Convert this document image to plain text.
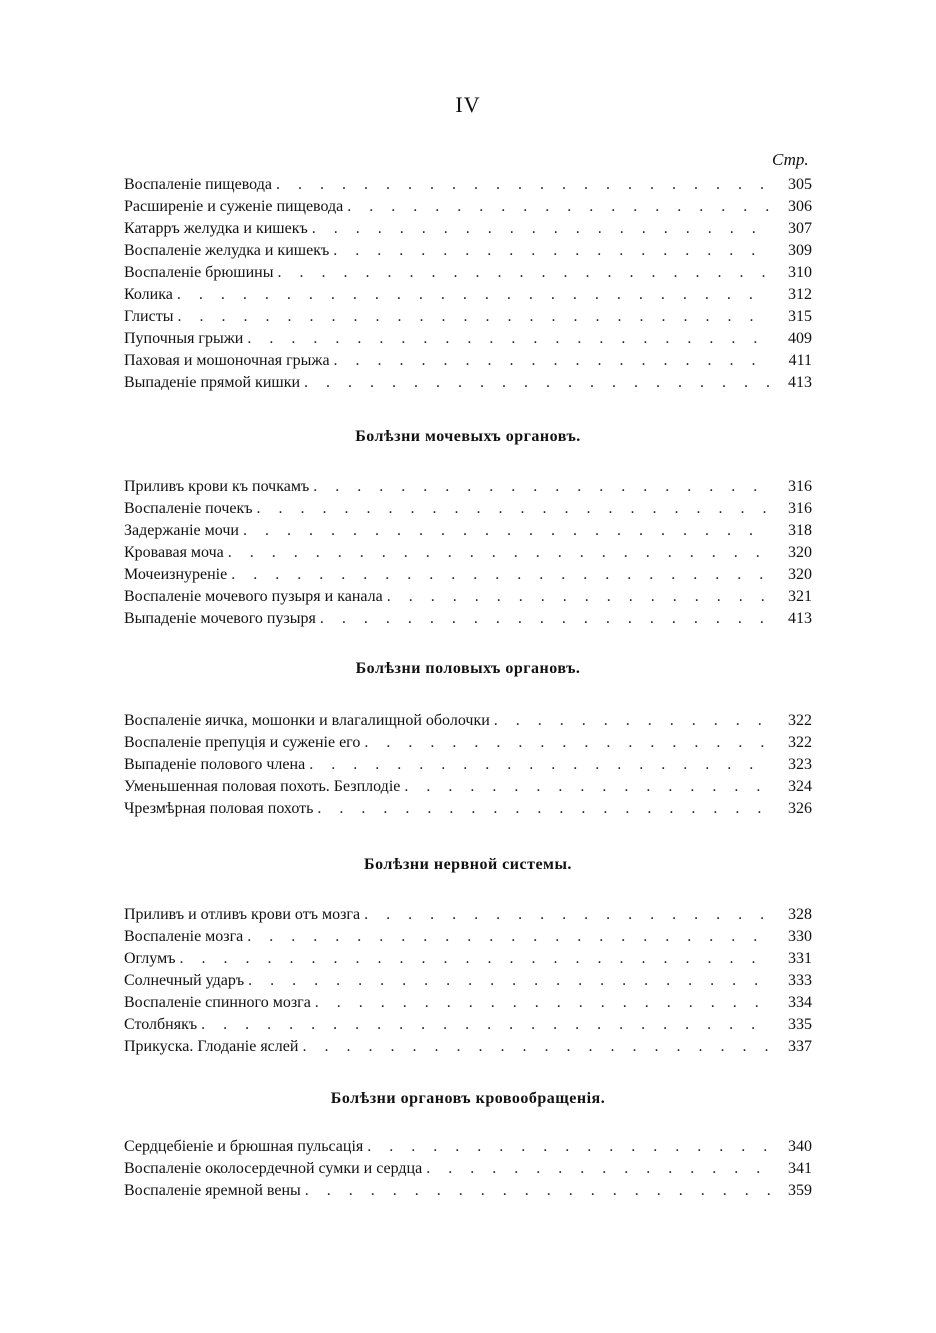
IV
Стр.
Воспаленіе пищевода . . .	305
Расширеніе и суженіе пищевода . . .	306
Катарръ желудка и кишекъ . . .	307
Воспаленіе желудка и кишекъ . . .	309
Воспаленіе брюшины . . .	310
Колика . . .	312
Глисты . . .	315
Пупочныя грыжи . . .	409
Паховая и мошоночная грыжа . . .	411
Выпаденіе прямой кишки . . .	413
Болѣзни мочевыхъ органовъ.
Приливъ крови къ почкамъ . . .	316
Воспаленіе почекъ . . .	316
Задержаніе мочи . . .	318
Кровавая моча . . .	320
Мочеизнуреніе . . .	320
Воспаленіе мочевого пузыря и канала . . .	321
Выпаденіе мочевого пузыря . . .	413
Болѣзни половыхъ органовъ.
Воспаленіе яичка, мошонки и влагалищной оболочки . . .	322
Воспаленіе препуція и суженіе его . . .	322
Выпаденіе полового члена . . .	323
Уменьшенная половая похоть. Безплодіе . . .	324
Чрезмѣрная половая похоть . . .	326
Болѣзни нервной системы.
Приливъ и отливъ крови отъ мозга . . .	328
Воспаленіе мозга . . .	330
Оглумъ . . .	331
Солнечный ударъ . . .	333
Воспаленіе спинного мозга . . .	334
Столбнякъ . . .	335
Прикуска. Глоданіе яслей . . .	337
Болѣзни органовъ кровообращенія.
Сердцебіеніе и брюшная пульсація . . .	340
Воспаленіе околосердечной сумки и сердца . . .	341
Воспаленіе яремной вены . . .	359
